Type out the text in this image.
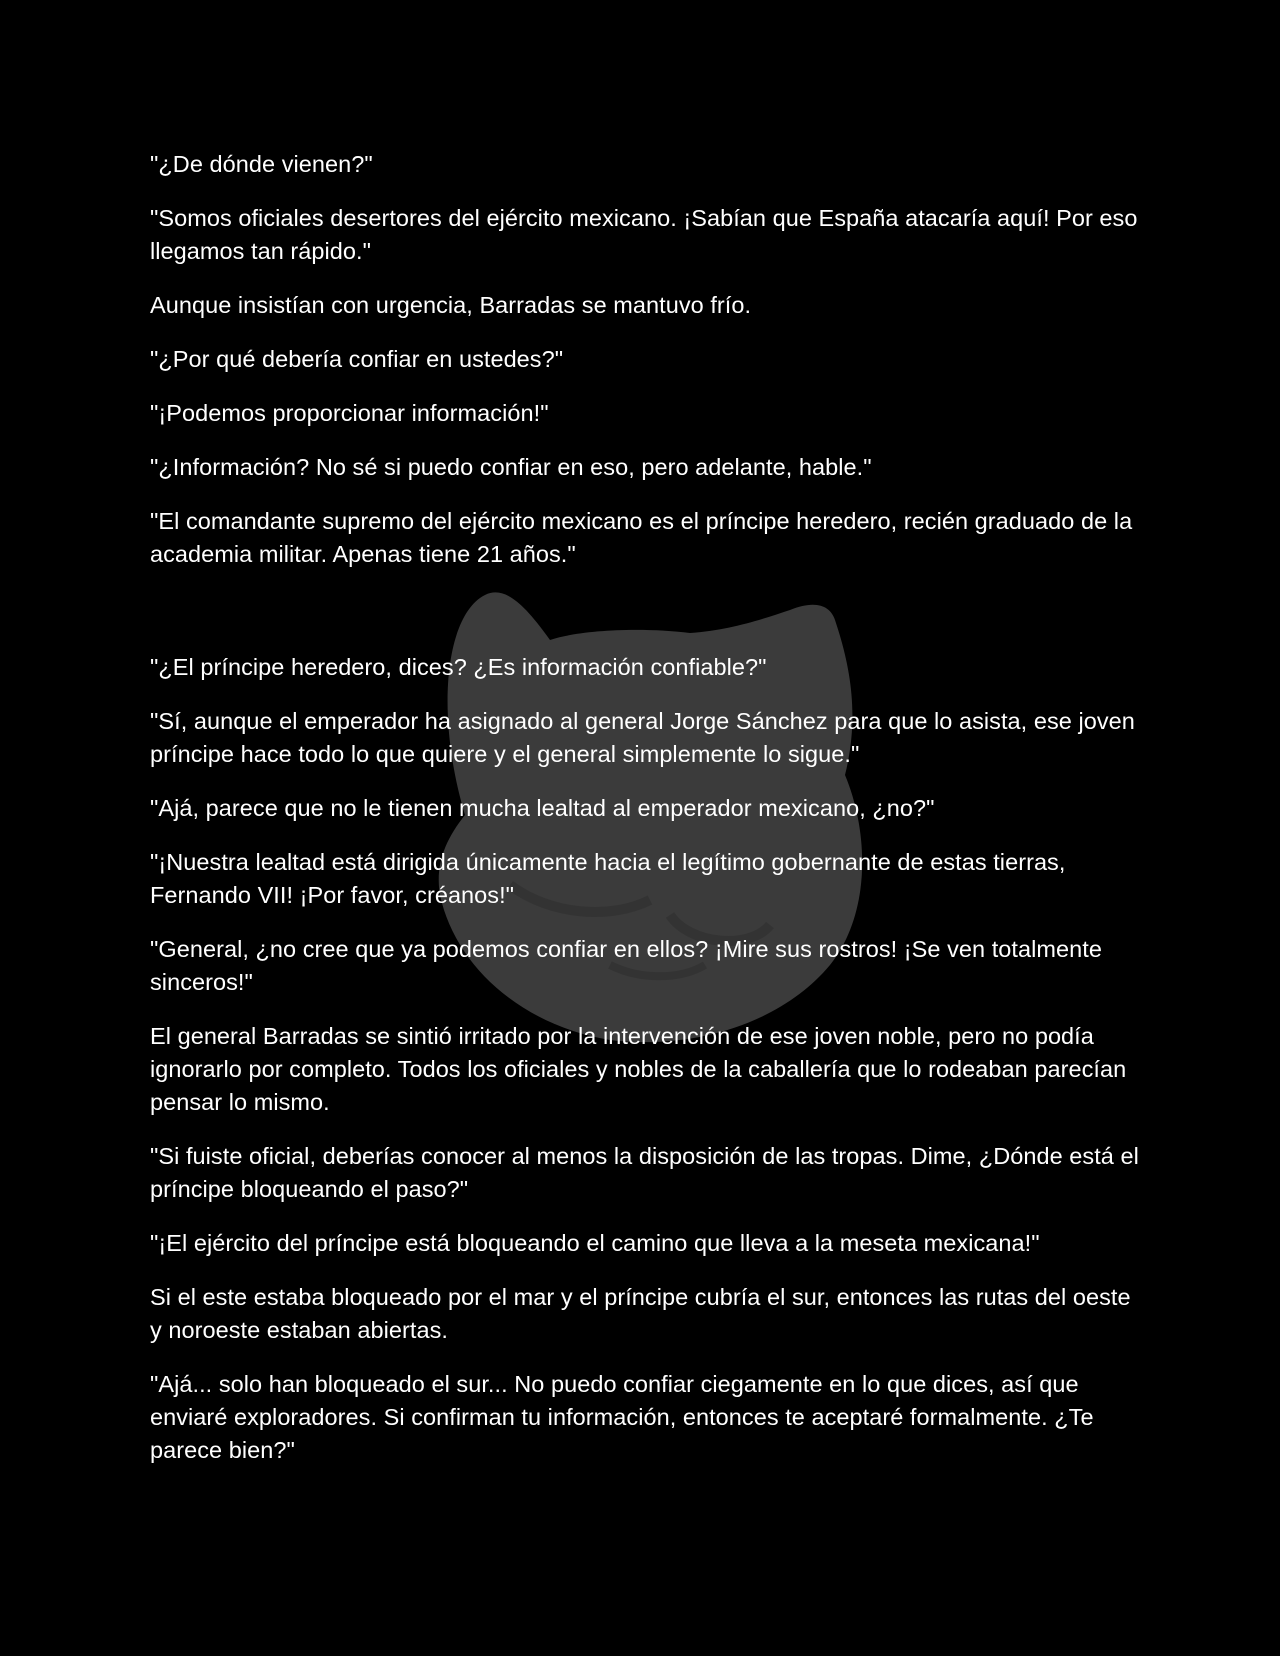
"¿De dónde vienen?"

"Somos oficiales desertores del ejército mexicano. ¡Sabían que España atacaría aquí! Por eso llegamos tan rápido."

Aunque insistían con urgencia, Barradas se mantuvo frío.

"¿Por qué debería confiar en ustedes?"

"¡Podemos proporcionar información!"

"¿Información? No sé si puedo confiar en eso, pero adelante, hable."

"El comandante supremo del ejército mexicano es el príncipe heredero, recién graduado de la academia militar. Apenas tiene 21 años."

"¿El príncipe heredero, dices? ¿Es información confiable?"

"Sí, aunque el emperador ha asignado al general Jorge Sánchez para que lo asista, ese joven príncipe hace todo lo que quiere y el general simplemente lo sigue."

"Ajá, parece que no le tienen mucha lealtad al emperador mexicano, ¿no?"

"¡Nuestra lealtad está dirigida únicamente hacia el legítimo gobernante de estas tierras, Fernando VII! ¡Por favor, créanos!"

"General, ¿no cree que ya podemos confiar en ellos? ¡Mire sus rostros! ¡Se ven totalmente sinceros!"

El general Barradas se sintió irritado por la intervención de ese joven noble, pero no podía ignorarlo por completo. Todos los oficiales y nobles de la caballería que lo rodeaban parecían pensar lo mismo.

"Si fuiste oficial, deberías conocer al menos la disposición de las tropas. Dime, ¿Dónde está el príncipe bloqueando el paso?"

"¡El ejército del príncipe está bloqueando el camino que lleva a la meseta mexicana!"

Si el este estaba bloqueado por el mar y el príncipe cubría el sur, entonces las rutas del oeste y noroeste estaban abiertas.

"Ajá... solo han bloqueado el sur... No puedo confiar ciegamente en lo que dices, así que enviaré exploradores. Si confirman tu información, entonces te aceptaré formalmente. ¿Te parece bien?"
